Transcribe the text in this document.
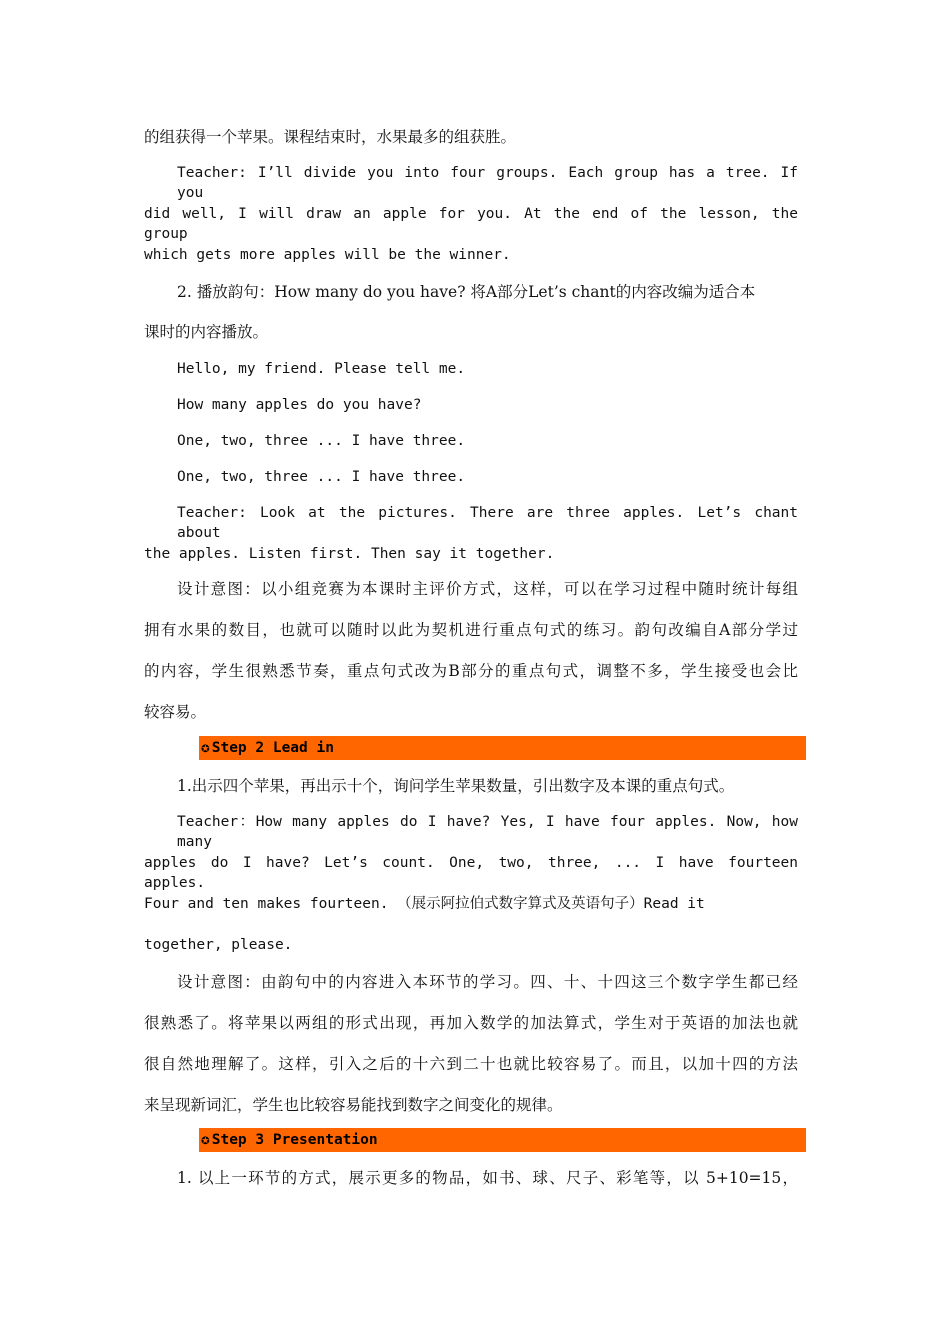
的组获得一个苹果。课程结束时，水果最多的组获胜。
Teacher: I’ll divide you into four groups. Each group has a tree. If you
did well, I will draw an apple for you. At the end of the lesson, the group
which gets more apples will be the winner.
2. 播放韵句：How many do you have? 将A部分Let’s chant的内容改编为适合本
课时的内容播放。
Hello, my friend. Please tell me.
How many apples do you have?
One, two, three ... I have three.
One, two, three ... I have three.
Teacher: Look at the pictures. There are three apples. Let’s chant about
the apples. Listen first. Then say it together.
设计意图：以小组竞赛为本课时主评价方式，这样，可以在学习过程中随时统计每组
拥有水果的数目，也就可以随时以此为契机进行重点句式的练习。韵句改编自A部分学过
的内容，学生很熟悉节奏，重点句式改为B部分的重点句式，调整不多，学生接受也会比
较容易。
✪ Step 2 Lead in
1.出示四个苹果，再出示十个，询问学生苹果数量，引出数字及本课的重点句式。
Teacher：How many apples do I have? Yes, I have four apples. Now, how many
apples do I have? Let’s count. One, two, three, ... I have fourteen apples.
Four and ten makes fourteen. （展示阿拉伯式数字算式及英语句子）Read it
together, please.
设计意图：由韵句中的内容进入本环节的学习。四、十、十四这三个数字学生都已经
很熟悉了。将苹果以两组的形式出现，再加入数学的加法算式，学生对于英语的加法也就
很自然地理解了。这样，引入之后的十六到二十也就比较容易了。而且，以加十四的方法
来呈现新词汇，学生也比较容易能找到数字之间变化的规律。
✪ Step 3 Presentation
1. 以上一环节的方式，展示更多的物品，如书、球、尺子、彩笔等，以 5+10=15，
